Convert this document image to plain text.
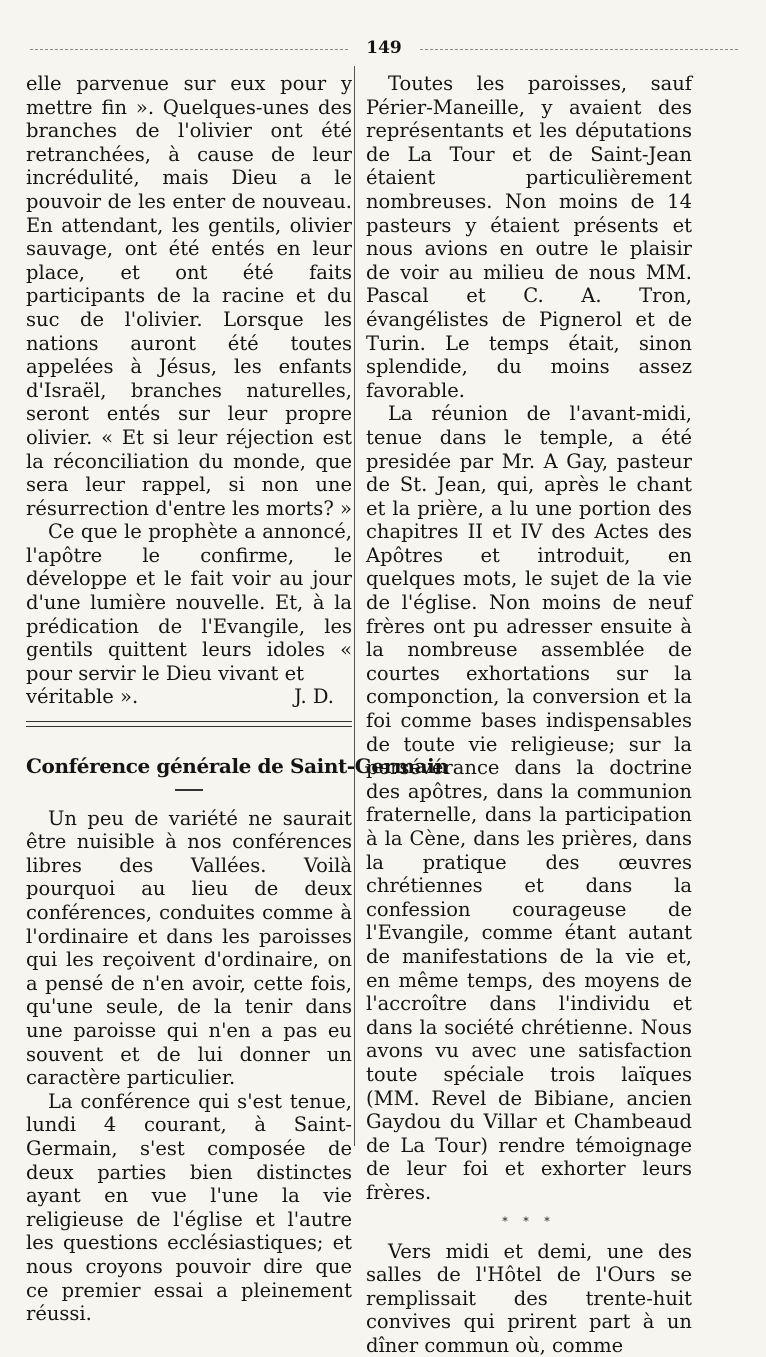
149

elle parvenue sur eux pour y mettre fin ». Quelques-unes des branches de l'olivier ont été retranchées, à cause de leur incrédulité, mais Dieu a le pouvoir de les enter de nouveau. En attendant, les gentils, olivier sauvage, ont été entés en leur place, et ont été faits participants de la racine et du suc de l'olivier. Lorsque les nations auront été toutes appelées à Jésus, les enfants d'Israël, branches naturelles, seront entés sur leur propre olivier. « Et si leur réjection est la réconciliation du monde, que sera leur rappel, si non une résurrection d'entre les morts? »

Ce que le prophète a annoncé, l'apôtre le confirme, le développe et le fait voir au jour d'une lumière nouvelle. Et, à la prédication de l'Evangile, les gentils quittent leurs idoles « pour servir le Dieu vivant et

véritable ».	J. D.
Conférence générale de Saint-Germain

Un peu de variété ne saurait être nuisible à nos conférences libres des Vallées. Voilà pourquoi au lieu de deux conférences, conduites comme à l'ordinaire et dans les paroisses qui les reçoivent d'ordinaire, on a pensé de n'en avoir, cette fois, qu'une seule, de la tenir dans une paroisse qui n'en a pas eu souvent et de lui donner un caractère particulier.

La conférence qui s'est tenue, lundi 4 courant, à Saint-Germain, s'est composée de deux parties bien distinctes ayant en vue l'une la vie religieuse de l'église et l'autre les questions ecclésiastiques; et nous croyons pouvoir dire que ce premier essai a pleinement réussi.

Toutes les paroisses, sauf Périer-Maneille, y avaient des représentants et les députations de La Tour et de Saint-Jean étaient particulièrement nombreuses. Non moins de 14 pasteurs y étaient présents et nous avions en outre le plaisir de voir au milieu de nous MM. Pascal et C. A. Tron, évangélistes de Pignerol et de Turin. Le temps était, sinon splendide, du moins assez favorable.

La réunion de l'avant-midi, tenue dans le temple, a été presidée par Mr. A Gay, pasteur de St. Jean, qui, après le chant et la prière, a lu une portion des chapitres II et IV des Actes des Apôtres et introduit, en quelques mots, le sujet de la vie de l'église. Non moins de neuf frères ont pu adresser ensuite à la nombreuse assemblée de courtes exhortations sur la componction, la conversion et la foi comme bases indispensables de toute vie religieuse; sur la persévérance dans la doctrine des apôtres, dans la communion fraternelle, dans la participation à la Cène, dans les prières, dans la pratique des œuvres chrétiennes et dans la confession courageuse de l'Evangile, comme étant autant de manifestations de la vie et, en même temps, des moyens de l'accroître dans l'individu et dans la société chrétienne. Nous avons vu avec une satisfaction toute spéciale trois laïques (MM. Revel de Bibiane, ancien Gaydou du Villar et Chambeaud de La Tour) rendre témoignage de leur foi et exhorter leurs frères.

* * *

Vers midi et demi, une des salles de l'Hôtel de l'Ours se remplissait des trente-huit convives qui prirent part à un dîner commun où, comme
